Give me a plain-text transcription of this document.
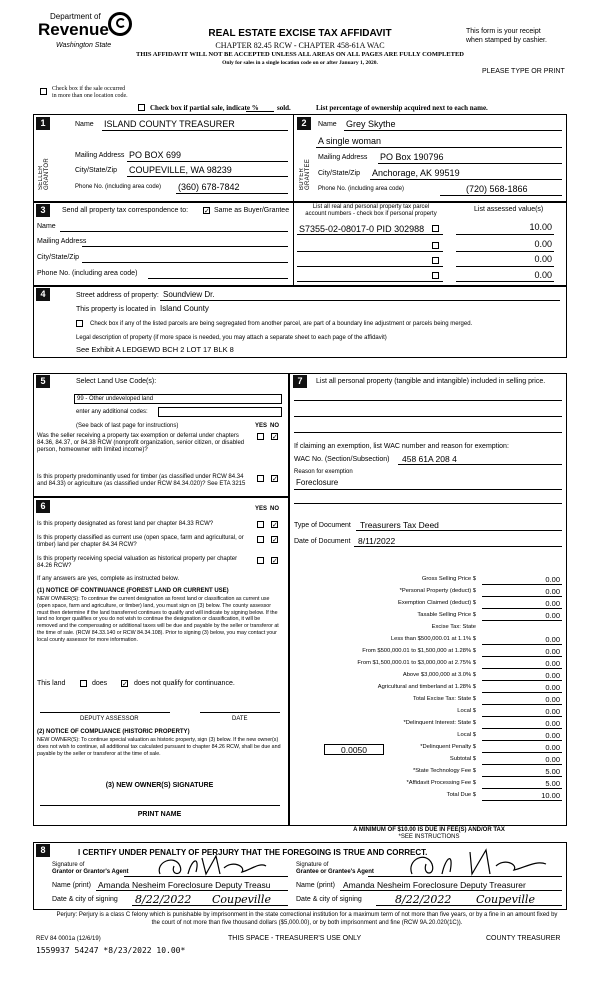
Department of
Revenue
Washington State
REAL ESTATE EXCISE TAX AFFIDAVIT
CHAPTER 82.45 RCW - CHAPTER 458-61A WAC
THIS AFFIDAVIT WILL NOT BE ACCEPTED UNLESS ALL AREAS ON ALL PAGES ARE FULLY COMPLETED
Only for sales in a single location code on or after January 1, 2020.
This form is your receipt
when stamped by cashier.
PLEASE TYPE OR PRINT
Check box if the sale occurred
in more than one location code.
Check box if partial sale, indicate %	sold.	List percentage of ownership acquired next to each name.
1
SELLER GRANTOR
Name ISLAND COUNTY TREASURER
Mailing Address PO BOX 699
City/State/Zip COUPEVILLE, WA 98239
Phone No. (including area code) (360) 678-7842
2
BUYER GRANTEE
Name Grey Skythe
A single woman
Mailing Address PO Box 190796
City/State/Zip Anchorage, AK 99519
Phone No. (including area code)	(720) 568-1866
3	Send all property tax correspondence to: ✓ Same as Buyer/Grantee
Name
Mailing Address
City/State/Zip
Phone No. (including area code)
List all real and personal property tax parcel
account numbers - check box if personal property
List assessed value(s)
S7355-02-08017-0 PID 302988	10.00
0.00
0.00
0.00
4	Street address of property: Soundview Dr.
This property is located in Island County
Check box if any of the listed parcels are being segregated from another parcel, are part of a boundary line adjustment or parcels being merged.
Legal description of property (if more space is needed, you may attach a separate sheet to each page of the affidavit)
See Exhibit A LEDGEWD BCH 2 LOT 17 BLK 8
5	Select Land Use Code(s):
99 - Other undeveloped land
enter any additional codes:
(See back of last page for instructions)	YES NO
Was the seller receiving a property tax exemption or deferral under chapters 84.36, 84.37, or 84.38 RCW (nonprofit organization, senior citizen, or disabled person, homeowner with limited income)?
✓
Is this property predominantly used for timber (as classified under RCW 84.34 and 84.33) or agriculture (as classified under RCW 84.34.020)? See ETA 3215
✓
6	YES NO
Is this property designated as forest land per chapter 84.33 RCW?	✓
Is this property classified as current use (open space, farm and agricultural, or timber) land per chapter 84.34 RCW?
✓
Is this property receiving special valuation as historical property per chapter 84.26 RCW?
✓
If any answers are yes, complete as instructed below.
(1) NOTICE OF CONTINUANCE (FOREST LAND OR CURRENT USE)
NEW OWNER(S): To continue the current designation as forest land or classification as current use (open space, farm and agriculture, or timber) land, you must sign on (3) below. The county assessor must then determine if the land transferred continues to qualify and will indicate by signing below. If the land no longer qualifies or you do not wish to continue the designation or classification, it will be removed and the compensating or additional taxes will be due and payable by the seller or transferor at the time of sale. (RCW 84.33.140 or RCW 84.34.108). Prior to signing (3) below, you may contact your local county assessor for more information.
This land	does ✓ does not qualify for continuance.
DEPUTY ASSESSOR	DATE
(2) NOTICE OF COMPLIANCE (HISTORIC PROPERTY)
NEW OWNER(S): To continue special valuation as historic property, sign (3) below. If the new owner(s) does not wish to continue, all additional tax calculated pursuant to chapter 84.26 RCW, shall be due and payable by the seller or transferor at the time of sale.
(3) NEW OWNER(S) SIGNATURE
PRINT NAME
7	List all personal property (tangible and intangible) included in selling price.
If claiming an exemption, list WAC number and reason for exemption:
WAC No. (Section/Subsection) 458 61A 208 4
Reason for exemption
Foreclosure
Type of Document Treasurers Tax Deed
Date of Document 8/11/2022
Gross Selling Price $	0.00
*Personal Property (deduct) $	0.00
Exemption Claimed (deduct) $	0.00
Taxable Selling Price $	0.00
Excise Tax: State
Less than $500,000.01 at 1.1% $	0.00
From $500,000.01 to $1,500,000 at 1.28% $	0.00
From $1,500,000.01 to $3,000,000 at 2.75% $	0.00
Above $3,000,000 at 3.0% $	0.00
Agricultural and timberland at 1.28% $	0.00
Total Excise Tax: State $	0.00
Local $	0.00
*Delinquent Interest: State $	0.00
Local $	0.00
*Delinquent Penalty $	0.00
Subtotal $	0.00
*State Technology Fee $	5.00
*Affidavit Processing Fee $	5.00
Total Due $	10.00
0.0050
A MINIMUM OF $10.00 IS DUE IN FEE(S) AND/OR TAX
*SEE INSTRUCTIONS
8	I CERTIFY UNDER PENALTY OF PERJURY THAT THE FOREGOING IS TRUE AND CORRECT.
Signature of
Grantor or Grantor's Agent
Signature of
Grantee or Grantee's Agent
Name (print) Amanda Nesheim Foreclosure Deputy Treasu	Name (print) Amanda Nesheim Foreclosure Deputy Treasurer
Date & city of signing 8/22/2022 Coupeville	Date & city of signing	8/22/2022 Coupeville
Perjury: Perjury is a class C felony which is punishable by imprisonment in the state correctional institution for a maximum term of not more than five years, or by a fine in an amount fixed by the court of not more than five thousand dollars ($5,000.00), or by both imprisonment and fine (RCW 9A.20.020(1C)).
REV 84 0001a (12/6/19)	THIS SPACE - TREASURER'S USE ONLY	COUNTY TREASURER
1559937 54247 *8/23/2022 10.00*
